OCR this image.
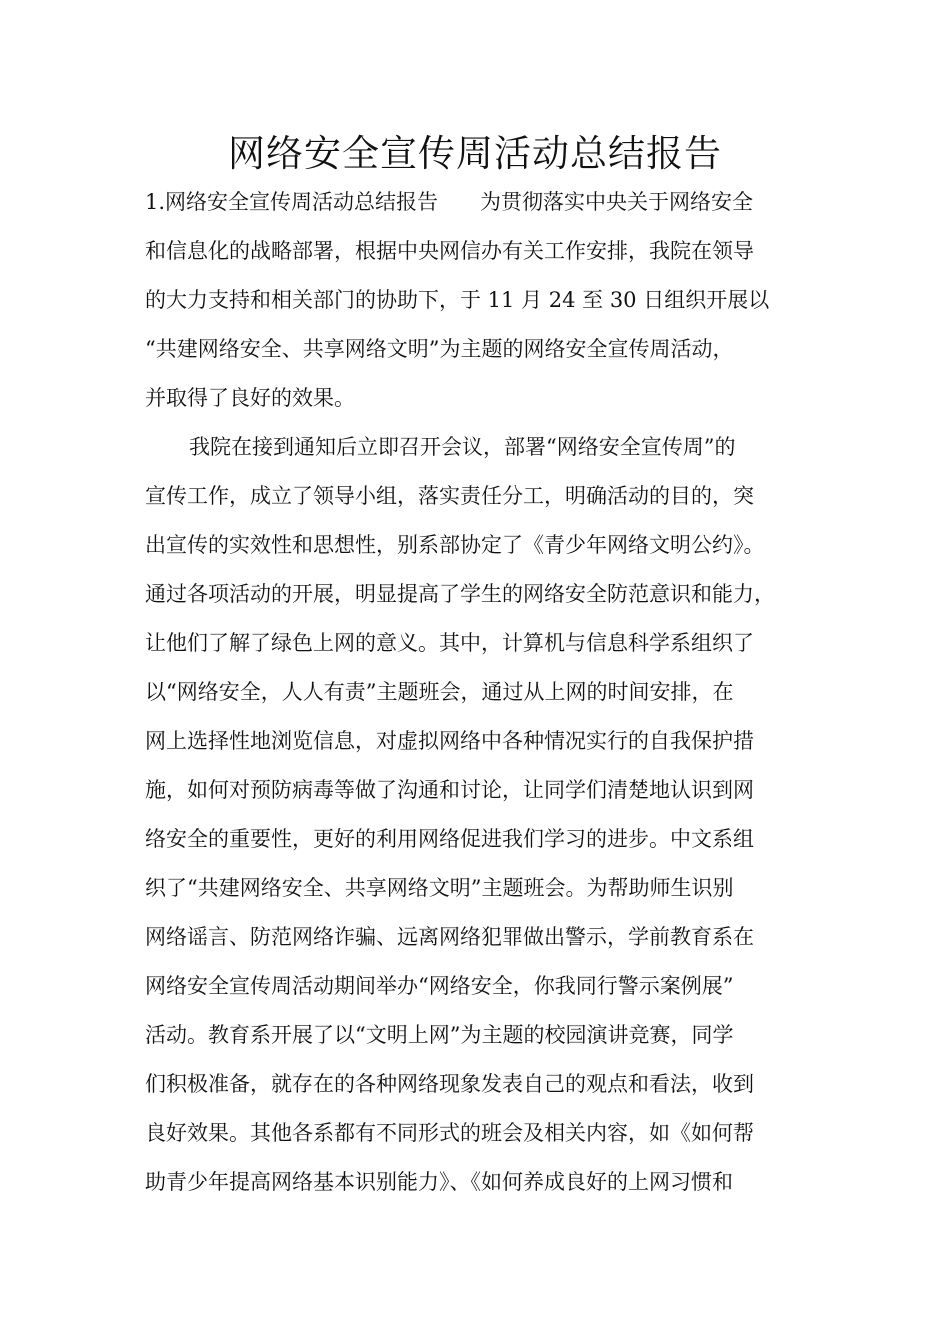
网络安全宣传周活动总结报告
1.网络安全宣传周活动总结报告　　为贯彻落实中央关于网络安全
和信息化的战略部署，根据中央网信办有关工作安排，我院在领导
的大力支持和相关部门的协助下，于 11 月 24 至 30 日组织开展以
“共建网络安全、共享网络文明”为主题的网络安全宣传周活动，
并取得了良好的效果。
我院在接到通知后立即召开会议，部署“网络安全宣传周”的
宣传工作，成立了领导小组，落实责任分工，明确活动的目的，突
出宣传的实效性和思想性，别系部协定了《青少年网络文明公约》。
通过各项活动的开展，明显提高了学生的网络安全防范意识和能力，
让他们了解了绿色上网的意义。其中，计算机与信息科学系组织了
以“网络安全，人人有责”主题班会，通过从上网的时间安排，在
网上选择性地浏览信息，对虚拟网络中各种情况实行的自我保护措
施，如何对预防病毒等做了沟通和讨论，让同学们清楚地认识到网
络安全的重要性，更好的利用网络促进我们学习的进步。中文系组
织了“共建网络安全、共享网络文明”主题班会。为帮助师生识别
网络谣言、防范网络诈骗、远离网络犯罪做出警示，学前教育系在
网络安全宣传周活动期间举办“网络安全，你我同行警示案例展”
活动。教育系开展了以“文明上网”为主题的校园演讲竞赛，同学
们积极准备，就存在的各种网络现象发表自己的观点和看法，收到
良好效果。其他各系都有不同形式的班会及相关内容，如《如何帮
助青少年提高网络基本识别能力》、《如何养成良好的上网习惯和
